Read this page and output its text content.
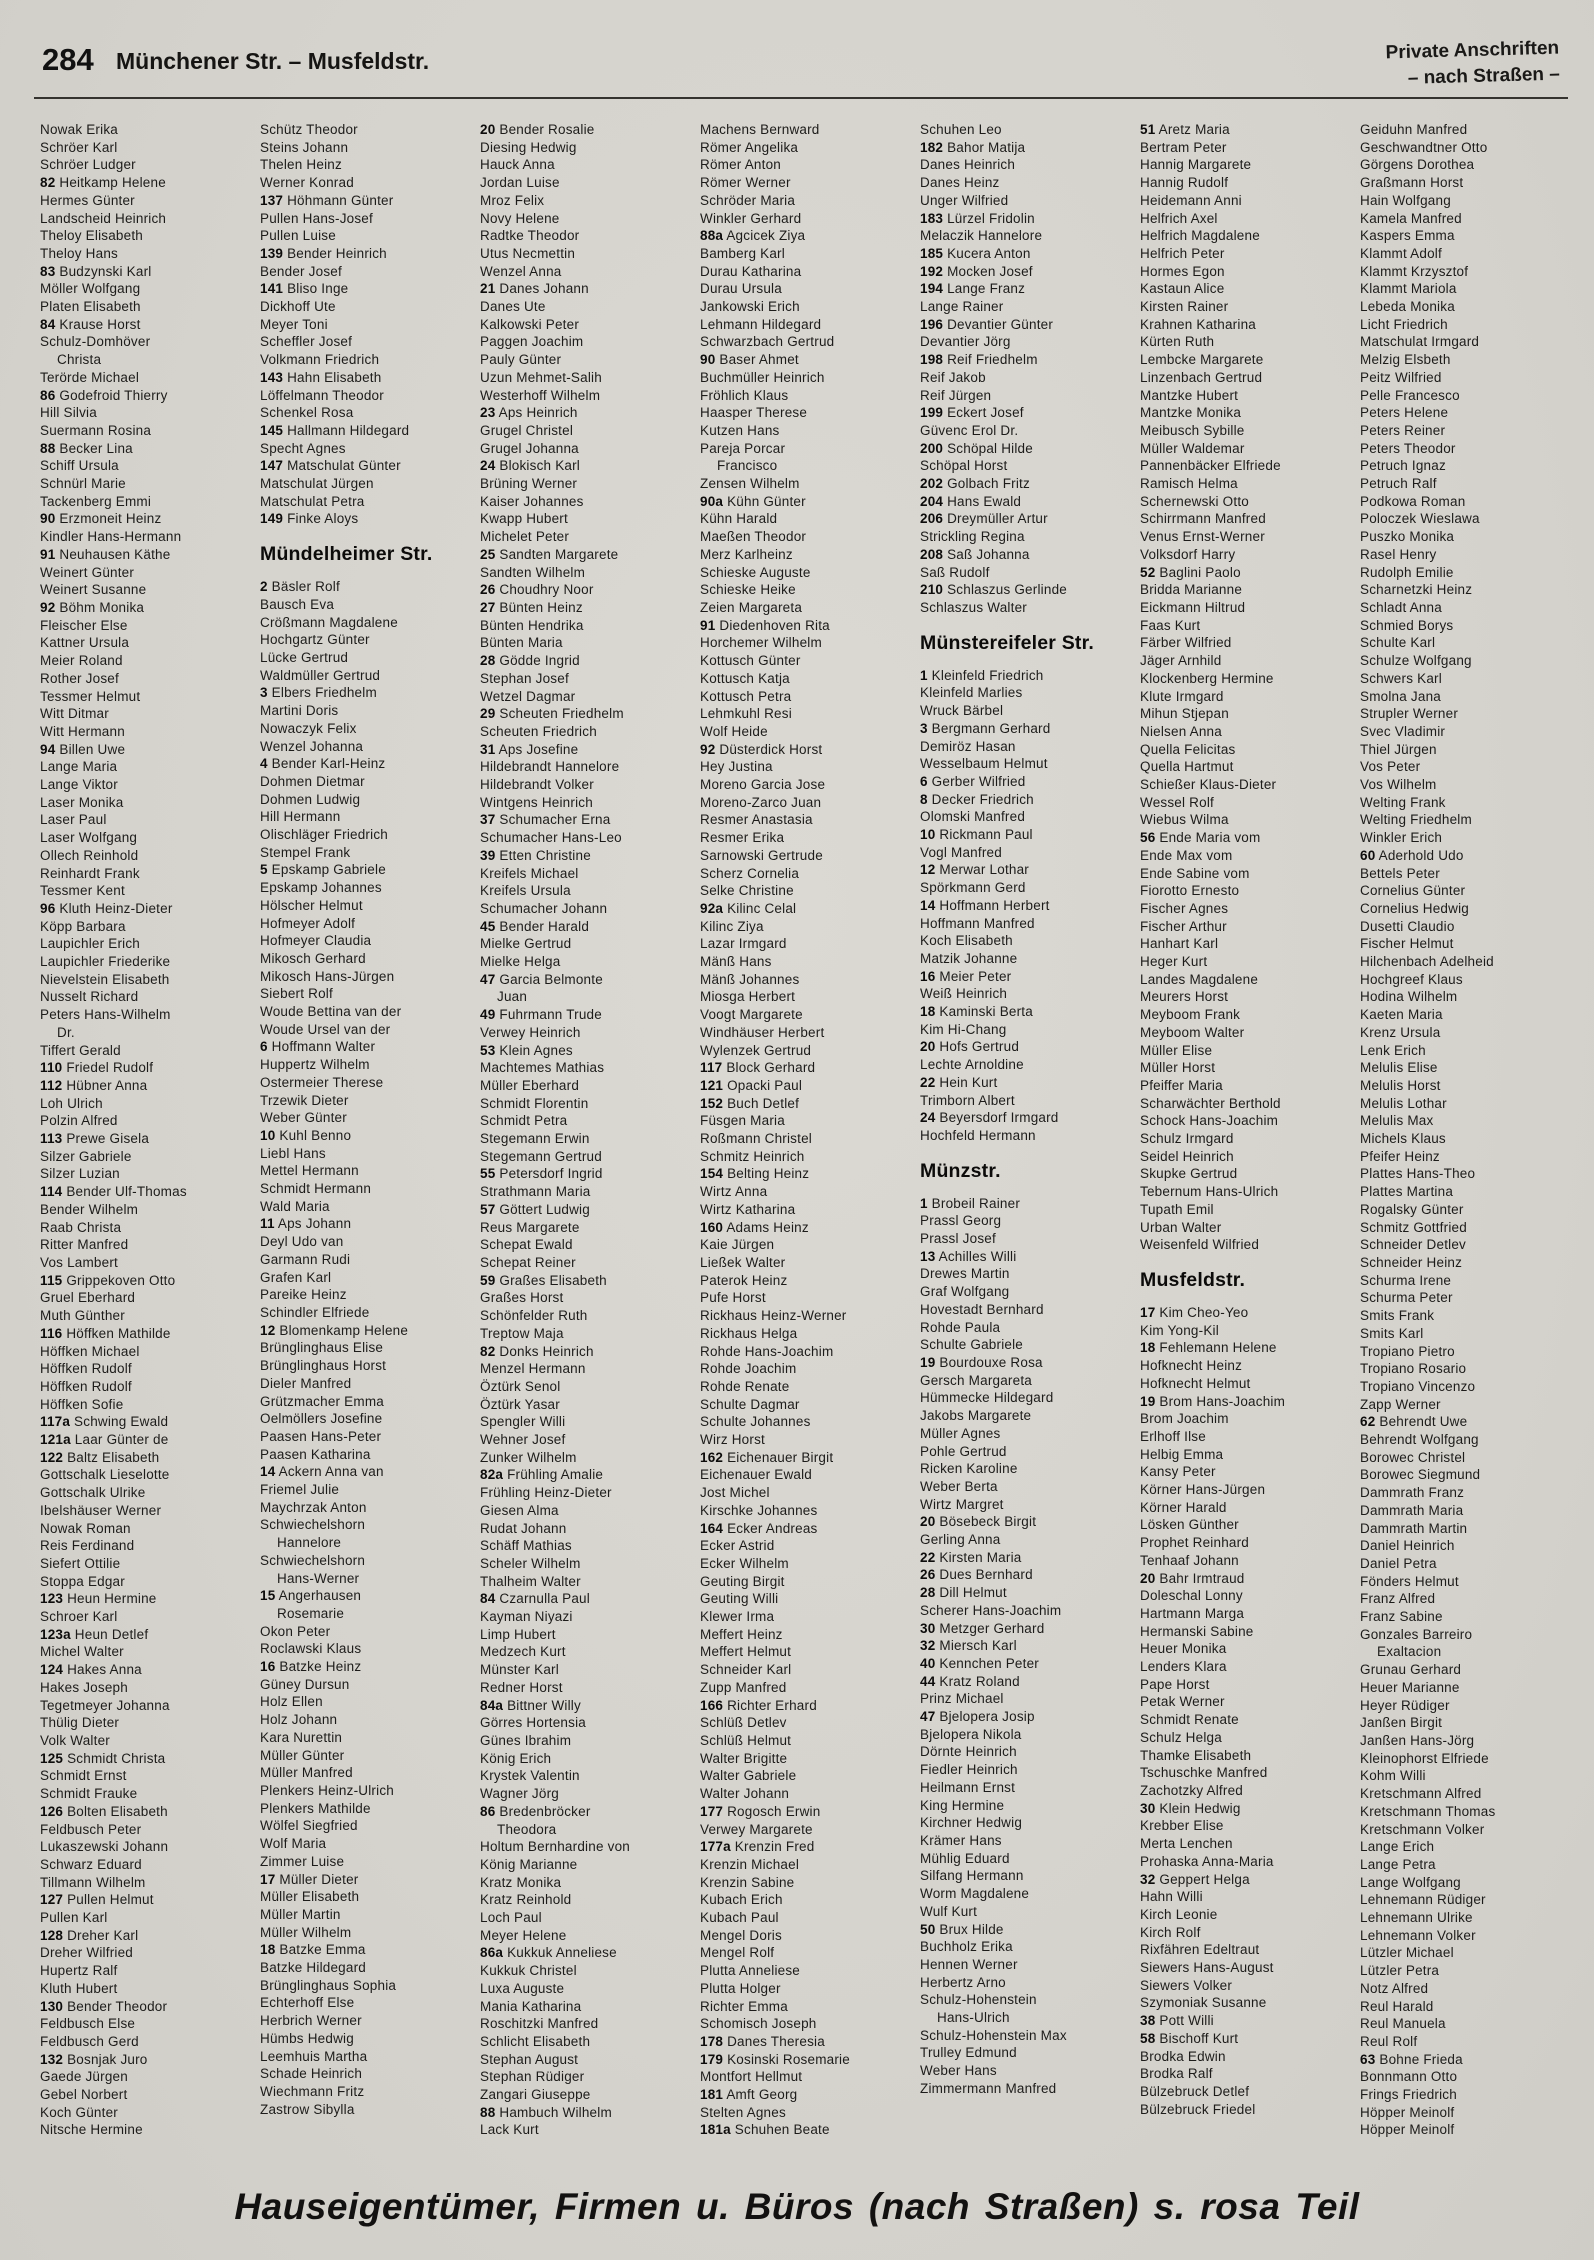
284 Münchener Str. – Musfeldstr.	Private Anschriften
– nach Straßen –
Nowak Erika
Schröer Karl
Schröer Ludger
82 Heitkamp Helene
Hermes Günter
Landscheid Heinrich
Theloy Elisabeth
Theloy Hans
83 Budzynski Karl
Möller Wolfgang
Platen Elisabeth
84 Krause Horst
Schulz-Domhöver
Christa
Terörde Michael
86 Godefroid Thierry
Hill Silvia
Suermann Rosina
88 Becker Lina
Schiff Ursula
Schnürl Marie
Tackenberg Emmi
90 Erzmoneit Heinz
Kindler Hans-Hermann
91 Neuhausen Käthe
Weinert Günter
Weinert Susanne
92 Böhm Monika
Fleischer Else
Kattner Ursula
Meier Roland
Rother Josef
Tessmer Helmut
Witt Ditmar
Witt Hermann
94 Billen Uwe
Lange Maria
Lange Viktor
Laser Monika
Laser Paul
Laser Wolfgang
Ollech Reinhold
Reinhardt Frank
Tessmer Kent
96 Kluth Heinz-Dieter
Köpp Barbara
Laupichler Erich
Laupichler Friederike
Nievelstein Elisabeth
Nusselt Richard
Peters Hans-Wilhelm
Dr.
Tiffert Gerald
110 Friedel Rudolf
112 Hübner Anna
Loh Ulrich
Polzin Alfred
113 Prewe Gisela
Silzer Gabriele
Silzer Luzian
114 Bender Ulf-Thomas
Bender Wilhelm
Raab Christa
Ritter Manfred
Vos Lambert
115 Grippekoven Otto
Gruel Eberhard
Muth Günther
116 Höffken Mathilde
Höffken Michael
Höffken Rudolf
Höffken Rudolf
Höffken Sofie
117a Schwing Ewald
121a Laar Günter de
122 Baltz Elisabeth
Gottschalk Lieselotte
Gottschalk Ulrike
Ibelshäuser Werner
Nowak Roman
Reis Ferdinand
Siefert Ottilie
Stoppa Edgar
123 Heun Hermine
Schroer Karl
123a Heun Detlef
Michel Walter
124 Hakes Anna
Hakes Joseph
Tegetmeyer Johanna
Thülig Dieter
Volk Walter
125 Schmidt Christa
Schmidt Ernst
Schmidt Frauke
126 Bolten Elisabeth
Feldbusch Peter
Lukaszewski Johann
Schwarz Eduard
Tillmann Wilhelm
127 Pullen Helmut
Pullen Karl
128 Dreher Karl
Dreher Wilfried
Hupertz Ralf
Kluth Hubert
130 Bender Theodor
Feldbusch Else
Feldbusch Gerd
132 Bosnjak Juro
Gaede Jürgen
Gebel Norbert
Koch Günter
Nitsche Hermine
Schütz Theodor
Steins Johann
Thelen Heinz
Werner Konrad
137 Höhmann Günter
Pullen Hans-Josef
Pullen Luise
139 Bender Heinrich
Bender Josef
141 Bliso Inge
Dickhoff Ute
Meyer Toni
Scheffler Josef
Volkmann Friedrich
143 Hahn Elisabeth
Löffelmann Theodor
Schenkel Rosa
145 Hallmann Hildegard
Specht Agnes
147 Matschulat Günter
Matschulat Jürgen
Matschulat Petra
149 Finke Aloys
Mündelheimer Str.
2 Bäsler Rolf
Bausch Eva
Crößmann Magdalene
Hochgartz Günter
Lücke Gertrud
Waldmüller Gertrud
3 Elbers Friedhelm
Martini Doris
Nowaczyk Felix
Wenzel Johanna
4 Bender Karl-Heinz
Dohmen Dietmar
Dohmen Ludwig
Hill Hermann
Olischläger Friedrich
Stempel Frank
5 Epskamp Gabriele
Epskamp Johannes
Hölscher Helmut
Hofmeyer Adolf
Hofmeyer Claudia
Mikosch Gerhard
Mikosch Hans-Jürgen
Siebert Rolf
Woude Bettina van der
Woude Ursel van der
6 Hoffmann Walter
Huppertz Wilhelm
Ostermeier Therese
Trzewik Dieter
Weber Günter
10 Kuhl Benno
Liebl Hans
Mettel Hermann
Schmidt Hermann
Wald Maria
11 Aps Johann
Deyl Udo van
Garmann Rudi
Grafen Karl
Pareike Heinz
Schindler Elfriede
12 Blomenkamp Helene
Brünglinghaus Elise
Brünglinghaus Horst
Dieler Manfred
Grützmacher Emma
Oelmöllers Josefine
Paasen Hans-Peter
Paasen Katharina
14 Ackern Anna van
Friemel Julie
Maychrzak Anton
Schwiechelshorn
Hannelore
Schwiechelshorn
Hans-Werner
15 Angerhausen
Rosemarie
Okon Peter
Roclawski Klaus
16 Batzke Heinz
Güney Dursun
Holz Ellen
Holz Johann
Kara Nurettin
Müller Günter
Müller Manfred
Plenkers Heinz-Ulrich
Plenkers Mathilde
Wölfel Siegfried
Wolf Maria
Zimmer Luise
17 Müller Dieter
Müller Elisabeth
Müller Martin
Müller Wilhelm
18 Batzke Emma
Batzke Hildegard
Brünglinghaus Sophia
Echterhoff Else
Herbrich Werner
Hümbs Hedwig
Leemhuis Martha
Schade Heinrich
Wiechmann Fritz
Zastrow Sibylla
20 Bender Rosalie
Diesing Hedwig
Hauck Anna
Jordan Luise
Mroz Felix
Novy Helene
Radtke Theodor
Utus Necmettin
Wenzel Anna
21 Danes Johann
Danes Ute
Kalkowski Peter
Paggen Joachim
Pauly Günter
Uzun Mehmet-Salih
Westerhoff Wilhelm
23 Aps Heinrich
Grugel Christel
Grugel Johanna
24 Blokisch Karl
Brüning Werner
Kaiser Johannes
Kwapp Hubert
Michelet Peter
25 Sandten Margarete
Sandten Wilhelm
26 Choudhry Noor
27 Bünten Heinz
Bünten Hendrika
Bünten Maria
28 Gödde Ingrid
Stephan Josef
Wetzel Dagmar
29 Scheuten Friedhelm
Scheuten Friedrich
31 Aps Josefine
Hildebrandt Hannelore
Hildebrandt Volker
Wintgens Heinrich
37 Schumacher Erna
Schumacher Hans-Leo
39 Etten Christine
Kreifels Michael
Kreifels Ursula
Schumacher Johann
45 Bender Harald
Mielke Gertrud
Mielke Helga
47 Garcia Belmonte
Juan
49 Fuhrmann Trude
Verwey Heinrich
53 Klein Agnes
Machtemes Mathias
Müller Eberhard
Schmidt Florentin
Schmidt Petra
Stegemann Erwin
Stegemann Gertrud
55 Petersdorf Ingrid
Strathmann Maria
57 Göttert Ludwig
Reus Margarete
Schepat Ewald
Schepat Reiner
59 Graßes Elisabeth
Graßes Horst
Schönfelder Ruth
Treptow Maja
82 Donks Heinrich
Menzel Hermann
Öztürk Senol
Öztürk Yasar
Spengler Willi
Wehner Josef
Zunker Wilhelm
82a Frühling Amalie
Frühling Heinz-Dieter
Giesen Alma
Rudat Johann
Schäff Mathias
Scheler Wilhelm
Thalheim Walter
84 Czarnulla Paul
Kayman Niyazi
Limp Hubert
Medzech Kurt
Münster Karl
Redner Horst
84a Bittner Willy
Görres Hortensia
Günes Ibrahim
König Erich
Krystek Valentin
Wagner Jörg
86 Bredenbröcker
Theodora
Holtum Bernhardine von
König Marianne
Kratz Monika
Kratz Reinhold
Loch Paul
Meyer Helene
86a Kukkuk Anneliese
Kukkuk Christel
Luxa Auguste
Mania Katharina
Roschitzki Manfred
Schlicht Elisabeth
Stephan August
Stephan Rüdiger
Zangari Giuseppe
88 Hambuch Wilhelm
Lack Kurt
Machens Bernward
Römer Angelika
Römer Anton
Römer Werner
Schröder Maria
Winkler Gerhard
88a Agcicek Ziya
Bamberg Karl
Durau Katharina
Durau Ursula
Jankowski Erich
Lehmann Hildegard
Schwarzbach Gertrud
90 Baser Ahmet
Buchmüller Heinrich
Fröhlich Klaus
Haasper Therese
Kutzen Hans
Pareja Porcar
Francisco
Zensen Wilhelm
90a Kühn Günter
Kühn Harald
Maeßen Theodor
Merz Karlheinz
Schieske Auguste
Schieske Heike
Zeien Margareta
91 Diedenhoven Rita
Horchemer Wilhelm
Kottusch Günter
Kottusch Katja
Kottusch Petra
Lehmkuhl Resi
Wolf Heide
92 Düsterdick Horst
Hey Justina
Moreno Garcia Jose
Moreno-Zarco Juan
Resmer Anastasia
Resmer Erika
Sarnowski Gertrude
Scherz Cornelia
Selke Christine
92a Kilinc Celal
Kilinc Ziya
Lazar Irmgard
Mänß Hans
Mänß Johannes
Miosga Herbert
Voogt Margarete
Windhäuser Herbert
Wylenzek Gertrud
117 Block Gerhard
121 Opacki Paul
152 Buch Detlef
Füsgen Maria
Roßmann Christel
Schmitz Heinrich
154 Belting Heinz
Wirtz Anna
Wirtz Katharina
160 Adams Heinz
Kaie Jürgen
Ließek Walter
Paterok Heinz
Pufe Horst
Rickhaus Heinz-Werner
Rickhaus Helga
Rohde Hans-Joachim
Rohde Joachim
Rohde Renate
Schulte Dagmar
Schulte Johannes
Wirz Horst
162 Eichenauer Birgit
Eichenauer Ewald
Jost Michel
Kirschke Johannes
164 Ecker Andreas
Ecker Astrid
Ecker Wilhelm
Geuting Birgit
Geuting Willi
Klewer Irma
Meffert Heinz
Meffert Helmut
Schneider Karl
Zupp Manfred
166 Richter Erhard
Schlüß Detlev
Schlüß Helmut
Walter Brigitte
Walter Gabriele
Walter Johann
177 Rogosch Erwin
Verwey Margarete
177a Krenzin Fred
Krenzin Michael
Krenzin Sabine
Kubach Erich
Kubach Paul
Mengel Doris
Mengel Rolf
Plutta Anneliese
Plutta Holger
Richter Emma
Schomisch Joseph
178 Danes Theresia
179 Kosinski Rosemarie
Montfort Hellmut
181 Amft Georg
Stelten Agnes
181a Schuhen Beate
Schuhen Leo
182 Bahor Matija
Danes Heinrich
Danes Heinz
Unger Wilfried
183 Lürzel Fridolin
Melaczik Hannelore
185 Kucera Anton
192 Mocken Josef
194 Lange Franz
Lange Rainer
196 Devantier Günter
Devantier Jörg
198 Reif Friedhelm
Reif Jakob
Reif Jürgen
199 Eckert Josef
Güvenc Erol Dr.
200 Schöpal Hilde
Schöpal Horst
202 Golbach Fritz
204 Hans Ewald
206 Dreymüller Artur
Strickling Regina
208 Saß Johanna
Saß Rudolf
210 Schlaszus Gerlinde
Schlaszus Walter
Münstereifeler Str.
1 Kleinfeld Friedrich
Kleinfeld Marlies
Wruck Bärbel
3 Bergmann Gerhard
Demiröz Hasan
Wesselbaum Helmut
6 Gerber Wilfried
8 Decker Friedrich
Olomski Manfred
10 Rickmann Paul
Vogl Manfred
12 Merwar Lothar
Spörkmann Gerd
14 Hoffmann Herbert
Hoffmann Manfred
Koch Elisabeth
Matzik Johanne
16 Meier Peter
Weiß Heinrich
18 Kaminski Berta
Kim Hi-Chang
20 Hofs Gertrud
Lechte Arnoldine
22 Hein Kurt
Trimborn Albert
24 Beyersdorf Irmgard
Hochfeld Hermann
Münzstr.
1 Brobeil Rainer
Prassl Georg
Prassl Josef
13 Achilles Willi
Drewes Martin
Graf Wolfgang
Hovestadt Bernhard
Rohde Paula
Schulte Gabriele
19 Bourdouxe Rosa
Gersch Margareta
Hümmecke Hildegard
Jakobs Margarete
Müller Agnes
Pohle Gertrud
Ricken Karoline
Weber Berta
Wirtz Margret
20 Bösebeck Birgit
Gerling Anna
22 Kirsten Maria
26 Dues Bernhard
28 Dill Helmut
Scherer Hans-Joachim
30 Metzger Gerhard
32 Miersch Karl
40 Kennchen Peter
44 Kratz Roland
Prinz Michael
47 Bjelopera Josip
Bjelopera Nikola
Dörnte Heinrich
Fiedler Heinrich
Heilmann Ernst
King Hermine
Kirchner Hedwig
Krämer Hans
Mühlig Eduard
Silfang Hermann
Worm Magdalene
Wulf Kurt
50 Brux Hilde
Buchholz Erika
Hennen Werner
Herbertz Arno
Schulz-Hohenstein
Hans-Ulrich
Schulz-Hohenstein Max
Trulley Edmund
Weber Hans
Zimmermann Manfred
51 Aretz Maria
Bertram Peter
Hannig Margarete
Hannig Rudolf
Heidemann Anni
Helfrich Axel
Helfrich Magdalene
Helfrich Peter
Hormes Egon
Kastaun Alice
Kirsten Rainer
Krahnen Katharina
Kürten Ruth
Lembcke Margarete
Linzenbach Gertrud
Mantzke Hubert
Mantzke Monika
Meibusch Sybille
Müller Waldemar
Pannenbäcker Elfriede
Ramisch Helma
Schernewski Otto
Schirrmann Manfred
Venus Ernst-Werner
Volksdorf Harry
52 Baglini Paolo
Bridda Marianne
Eickmann Hiltrud
Faas Kurt
Färber Wilfried
Jäger Arnhild
Klockenberg Hermine
Klute Irmgard
Mihun Stjepan
Nielsen Anna
Quella Felicitas
Quella Hartmut
Schießer Klaus-Dieter
Wessel Rolf
Wiebus Wilma
56 Ende Maria vom
Ende Max vom
Ende Sabine vom
Fiorotto Ernesto
Fischer Agnes
Fischer Arthur
Hanhart Karl
Heger Kurt
Landes Magdalene
Meurers Horst
Meyboom Frank
Meyboom Walter
Müller Elise
Müller Horst
Pfeiffer Maria
Scharwächter Berthold
Schock Hans-Joachim
Schulz Irmgard
Seidel Heinrich
Skupke Gertrud
Tebernum Hans-Ulrich
Tupath Emil
Urban Walter
Weisenfeld Wilfried
Musfeldstr.
17 Kim Cheo-Yeo
Kim Yong-Kil
18 Fehlemann Helene
Hofknecht Heinz
Hofknecht Helmut
19 Brom Hans-Joachim
Brom Joachim
Erlhoff Ilse
Helbig Emma
Kansy Peter
Körner Hans-Jürgen
Körner Harald
Lösken Günther
Prophet Reinhard
Tenhaaf Johann
20 Bahr Irmtraud
Doleschal Lonny
Hartmann Marga
Hermanski Sabine
Heuer Monika
Lenders Klara
Pape Horst
Petak Werner
Schmidt Renate
Schulz Helga
Thamke Elisabeth
Tschuschke Manfred
Zachotzky Alfred
30 Klein Hedwig
Krebber Elise
Merta Lenchen
Prohaska Anna-Maria
32 Geppert Helga
Hahn Willi
Kirch Leonie
Kirch Rolf
Rixfähren Edeltraut
Siewers Hans-August
Siewers Volker
Szymoniak Susanne
38 Pott Willi
58 Bischoff Kurt
Brodka Edwin
Brodka Ralf
Bülzebruck Detlef
Bülzebruck Friedel
Geiduhn Manfred
Geschwandtner Otto
Görgens Dorothea
Graßmann Horst
Hain Wolfgang
Kamela Manfred
Kaspers Emma
Klammt Adolf
Klammt Krzysztof
Klammt Mariola
Lebeda Monika
Licht Friedrich
Matschulat Irmgard
Melzig Elsbeth
Peitz Wilfried
Pelle Francesco
Peters Helene
Peters Reiner
Peters Theodor
Petruch Ignaz
Petruch Ralf
Podkowa Roman
Poloczek Wieslawa
Puszko Monika
Rasel Henry
Rudolph Emilie
Scharnetzki Heinz
Schladt Anna
Schmied Borys
Schulte Karl
Schulze Wolfgang
Schwers Karl
Smolna Jana
Strupler Werner
Svec Vladimir
Thiel Jürgen
Vos Peter
Vos Wilhelm
Welting Frank
Welting Friedhelm
Winkler Erich
60 Aderhold Udo
Bettels Peter
Cornelius Günter
Cornelius Hedwig
Dusetti Claudio
Fischer Helmut
Hilchenbach Adelheid
Hochgreef Klaus
Hodina Wilhelm
Kaeten Maria
Krenz Ursula
Lenk Erich
Melulis Elise
Melulis Horst
Melulis Lothar
Melulis Max
Michels Klaus
Pfeifer Heinz
Plattes Hans-Theo
Plattes Martina
Rogalsky Günter
Schmitz Gottfried
Schneider Detlev
Schneider Heinz
Schurma Irene
Schurma Peter
Smits Frank
Smits Karl
Tropiano Pietro
Tropiano Rosario
Tropiano Vincenzo
Zapp Werner
62 Behrendt Uwe
Behrendt Wolfgang
Borowec Christel
Borowec Siegmund
Dammrath Franz
Dammrath Maria
Dammrath Martin
Daniel Heinrich
Daniel Petra
Fönders Helmut
Franz Alfred
Franz Sabine
Gonzales Barreiro
Exaltacion
Grunau Gerhard
Heuer Marianne
Heyer Rüdiger
Janßen Birgit
Janßen Hans-Jörg
Kleinophorst Elfriede
Kohm Willi
Kretschmann Alfred
Kretschmann Thomas
Kretschmann Volker
Lange Erich
Lange Petra
Lange Wolfgang
Lehnemann Rüdiger
Lehnemann Ulrike
Lehnemann Volker
Lützler Michael
Lützler Petra
Notz Alfred
Reul Harald
Reul Manuela
Reul Rolf
63 Bohne Frieda
Bonnmann Otto
Frings Friedrich
Höpper Meinolf
Höpper Meinolf
Hauseigentümer, Firmen u. Büros (nach Straßen) s. rosa Teil
